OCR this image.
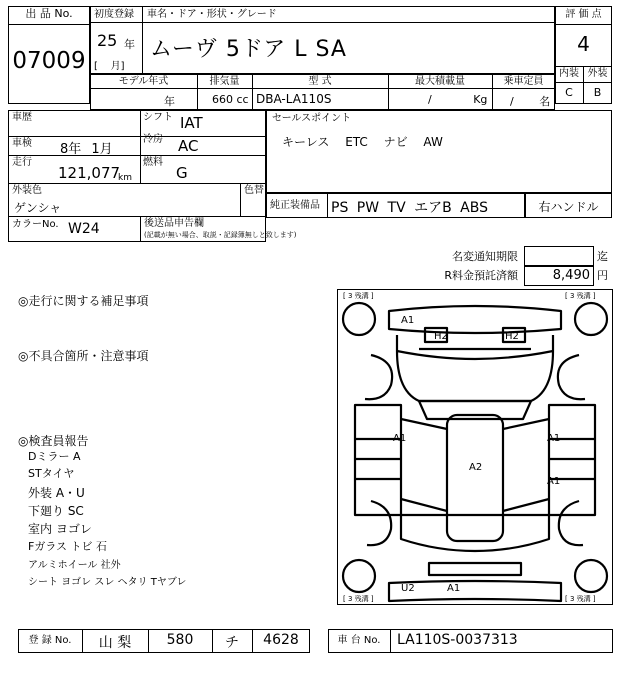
出 品 No.
07009
初度登録 車名・ドア・形状・グレード
25 年
[    月]
ムーヴ 5ドア L SA
評 価 点
4
内装 外装
C	B
モデル年式	排気量	型 式	最大積載量	乗車定員
年	660 cc DBA-LA110S	/ Kg / 名
車歴	シフト IAT
車検 8年 1月
冷房 AC
走行
121,077
km
燃料
G
外装色	色替
ゲンシャ
カラーNo. W24	後送品申告欄
(記載が無い場合、取説・記録簿無しと致します)
セールスポイント
キーレス ETC ナビ AW
純正装備品 PS PW TV エアB ABS	右ハンドル
名変通知期限	迄
R料金預託済額	8,490 円
◎走行に関する補足事項
◎不具合箇所・注意事項
◎検査員報告
Dミラー A
STタイヤ
外装 A・U
下廻り SC
室内 ヨゴレ
Fガラス トビ 石
アルミホイール 社外
シート ヨゴレ スレ ヘタリ Tヤブレ
[ 3 残溝 ]	[ 3 残溝 ]
[ 3 残溝 ]	[ 3 残溝 ]
A1
H2	H2
A1	A1
A1
A2
U2	A1
登 録 No.	山 梨	580	チ	4628	車 台 No.	LA110S-0037313
